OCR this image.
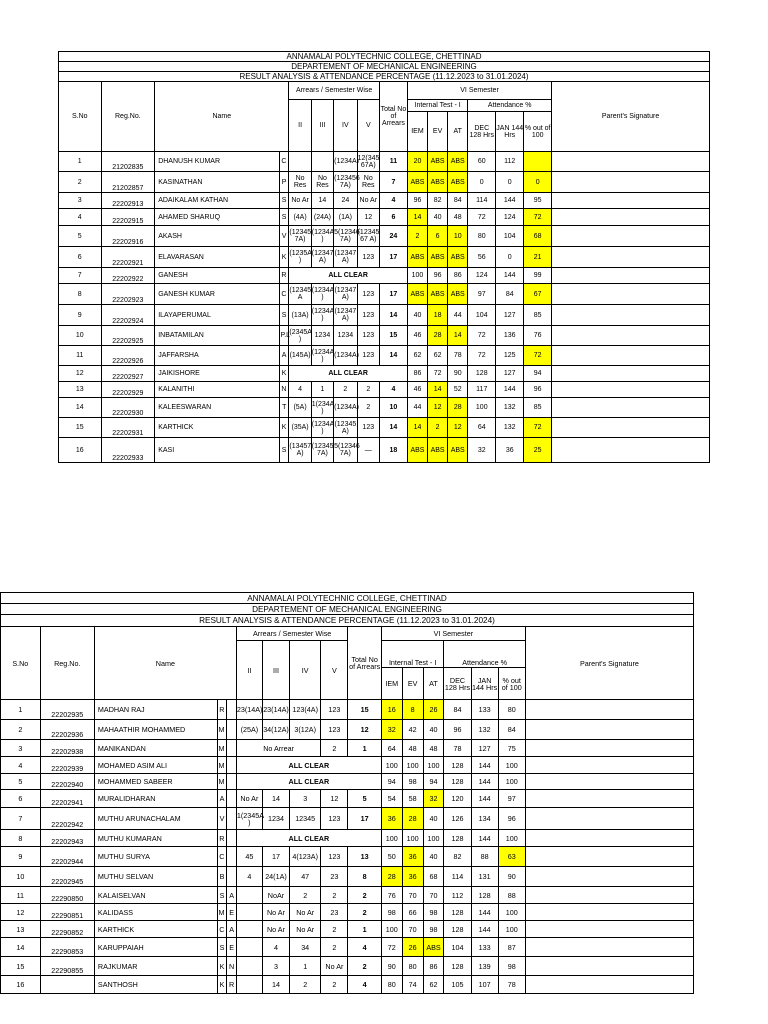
ANNAMALAI POLYTECHNIC COLLEGE, CHETTINAD															
DEPARTEMENT OF MECHANICAL ENGINEERING															
RESULT ANALYSIS & ATTENDANCE PERCENTAGE (11.12.2023 to 31.01.2024)															
S.No	Reg.No.	Name		Arrears / Semester Wise				Total No of Arrears	VI Semester						Parent's Signature
				II	III	IV	V		Internal Test - I			Attendance %			
									IEM	EV	AT	DEC 128 Hrs	JAN 144 Hrs	% out of 100	
1	21202835	DHANUSH KUMAR	C			(1234A)	12(345 67A)	11	20	ABS	ABS	60	112		
2	21202857	KASINATHAN	P	No Res	No Res	(123456 7A)	No Res	7	ABS	ABS	ABS	0	0	0	
3	22202913	ADAIKALAM KATHAN	S	No Ar	14	24	No Ar	4	96	82	84	114	144	95	
4	22202915	AHAMED SHARUQ	S	(4A)	(24A)	(1A)	12	6	14	40	48	72	124	72	
5	22202916	AKASH	V	(12345 7A)	(1234A )	5(12346 7A)	(12345 67 A)	24	2	6	10	80	104	68	
6	22202921	ELAVARASAN	K	(1235A )	(12347 A)	(12347 A)	123	17	ABS	ABS	ABS	56	0	21	
7	22202922	GANESH	R	ALL CLEAR					100	96	86	124	144	99	
8	22202923	GANESH KUMAR	C	(12345 A	(1234A )	(12347 A)	123	17	ABS	ABS	ABS	97	84	67	
9	22202924	ILAYAPERUMAL	S	(13A)	(1234A )	(12347 A)	123	14	40	18	44	104	127	85	
10	22202925	INBATAMILAN	P.L	(2345A )	1234	1234	123	15	46	28	14	72	136	76	
11	22202926	JAFFARSHA	A	(145A)	(1234A )	(1234A)	123	14	62	62	78	72	125	72	
12	22202927	JAIKISHORE	K	ALL CLEAR					86	72	90	128	127	94	
13	22202929	KALANITHI	N	4	1	2	2	4	46	14	52	117	144	96	
14	22202930	KALEESWARAN	T	(5A)	1(234A )	(1234A)	2	10	44	12	28	100	132	85	
15	22202931	KARTHICK	K	(35A)	(1234A )	(12345 A)	123	14	14	2	12	64	132	72	
16	22202933	KASI	S	(13457 A)	(12345 7A)	5(12346 7A)	—	18	ABS	ABS	ABS	32	36	25	
ANNAMALAI POLYTECHNIC COLLEGE, CHETTINAD																
DEPARTEMENT OF MECHANICAL ENGINEERING																
RESULT ANALYSIS & ATTENDANCE PERCENTAGE (11.12.2023 to 31.01.2024)																
S.No	Reg.No.	Name			Arrears / Semester Wise				Total No of Arrears	VI Semester						Parent's Signature
					II	III	IV	V		Internal Test - I			Attendance %			
										IEM	EV	AT	DEC 128 Hrs	JAN 144 Hrs	% out of 100	
1	22202935	MADHAN RAJ	R		23(14A)	23(14A)	123(4A)	123	15	16	8	26	84	133	80	
2	22202936	MAHAATHIR MOHAMMED	M		(25A)	34(12A)	3(12A)	123	12	32	42	40	96	132	84	
3	22202938	MANIKANDAN	M		No Arrear			2	1	64	48	48	78	127	75	
4	22202939	MOHAMED ASIM ALI	M		ALL CLEAR					100	100	100	128	144	100	
5	22202940	MOHAMMED SABEER	M		ALL CLEAR					94	98	94	128	144	100	
6	22202941	MURALIDHARAN	A		No Ar	14	3	12	5	54	58	32	120	144	97	
7	22202942	MUTHU ARUNACHALAM	V		1(2345A )	1234	12345	123	17	36	28	40	126	134	96	
8	22202943	MUTHU KUMARAN	R		ALL CLEAR					100	100	100	128	144	100	
9	22202944	MUTHU SURYA	C		45	17	4(123A)	123	13	50	36	40	82	88	63	
10	22202945	MUTHU SELVAN	B		4	24(1A)	47	23	8	28	36	68	114	131	90	
11	22290850	KALAISELVAN	S	A		NoAr	2	2	2	76	70	70	112	128	88	
12	22290851	KALIDASS	M	E		No Ar	No Ar	23	2	98	66	98	128	144	100	
13	22290852	KARTHICK	C	A		No Ar	No Ar	2	1	100	70	98	128	144	100	
14	22290853	KARUPPAIAH	S	E		4	34	2	4	72	26	ABS	104	133	87	
15	22290855	RAJKUMAR	K	N		3	1	No Ar	2	90	80	86	128	139	98	
16		SANTHOSH	K	R		14	2	2	4	80	74	62	105	107	78	
